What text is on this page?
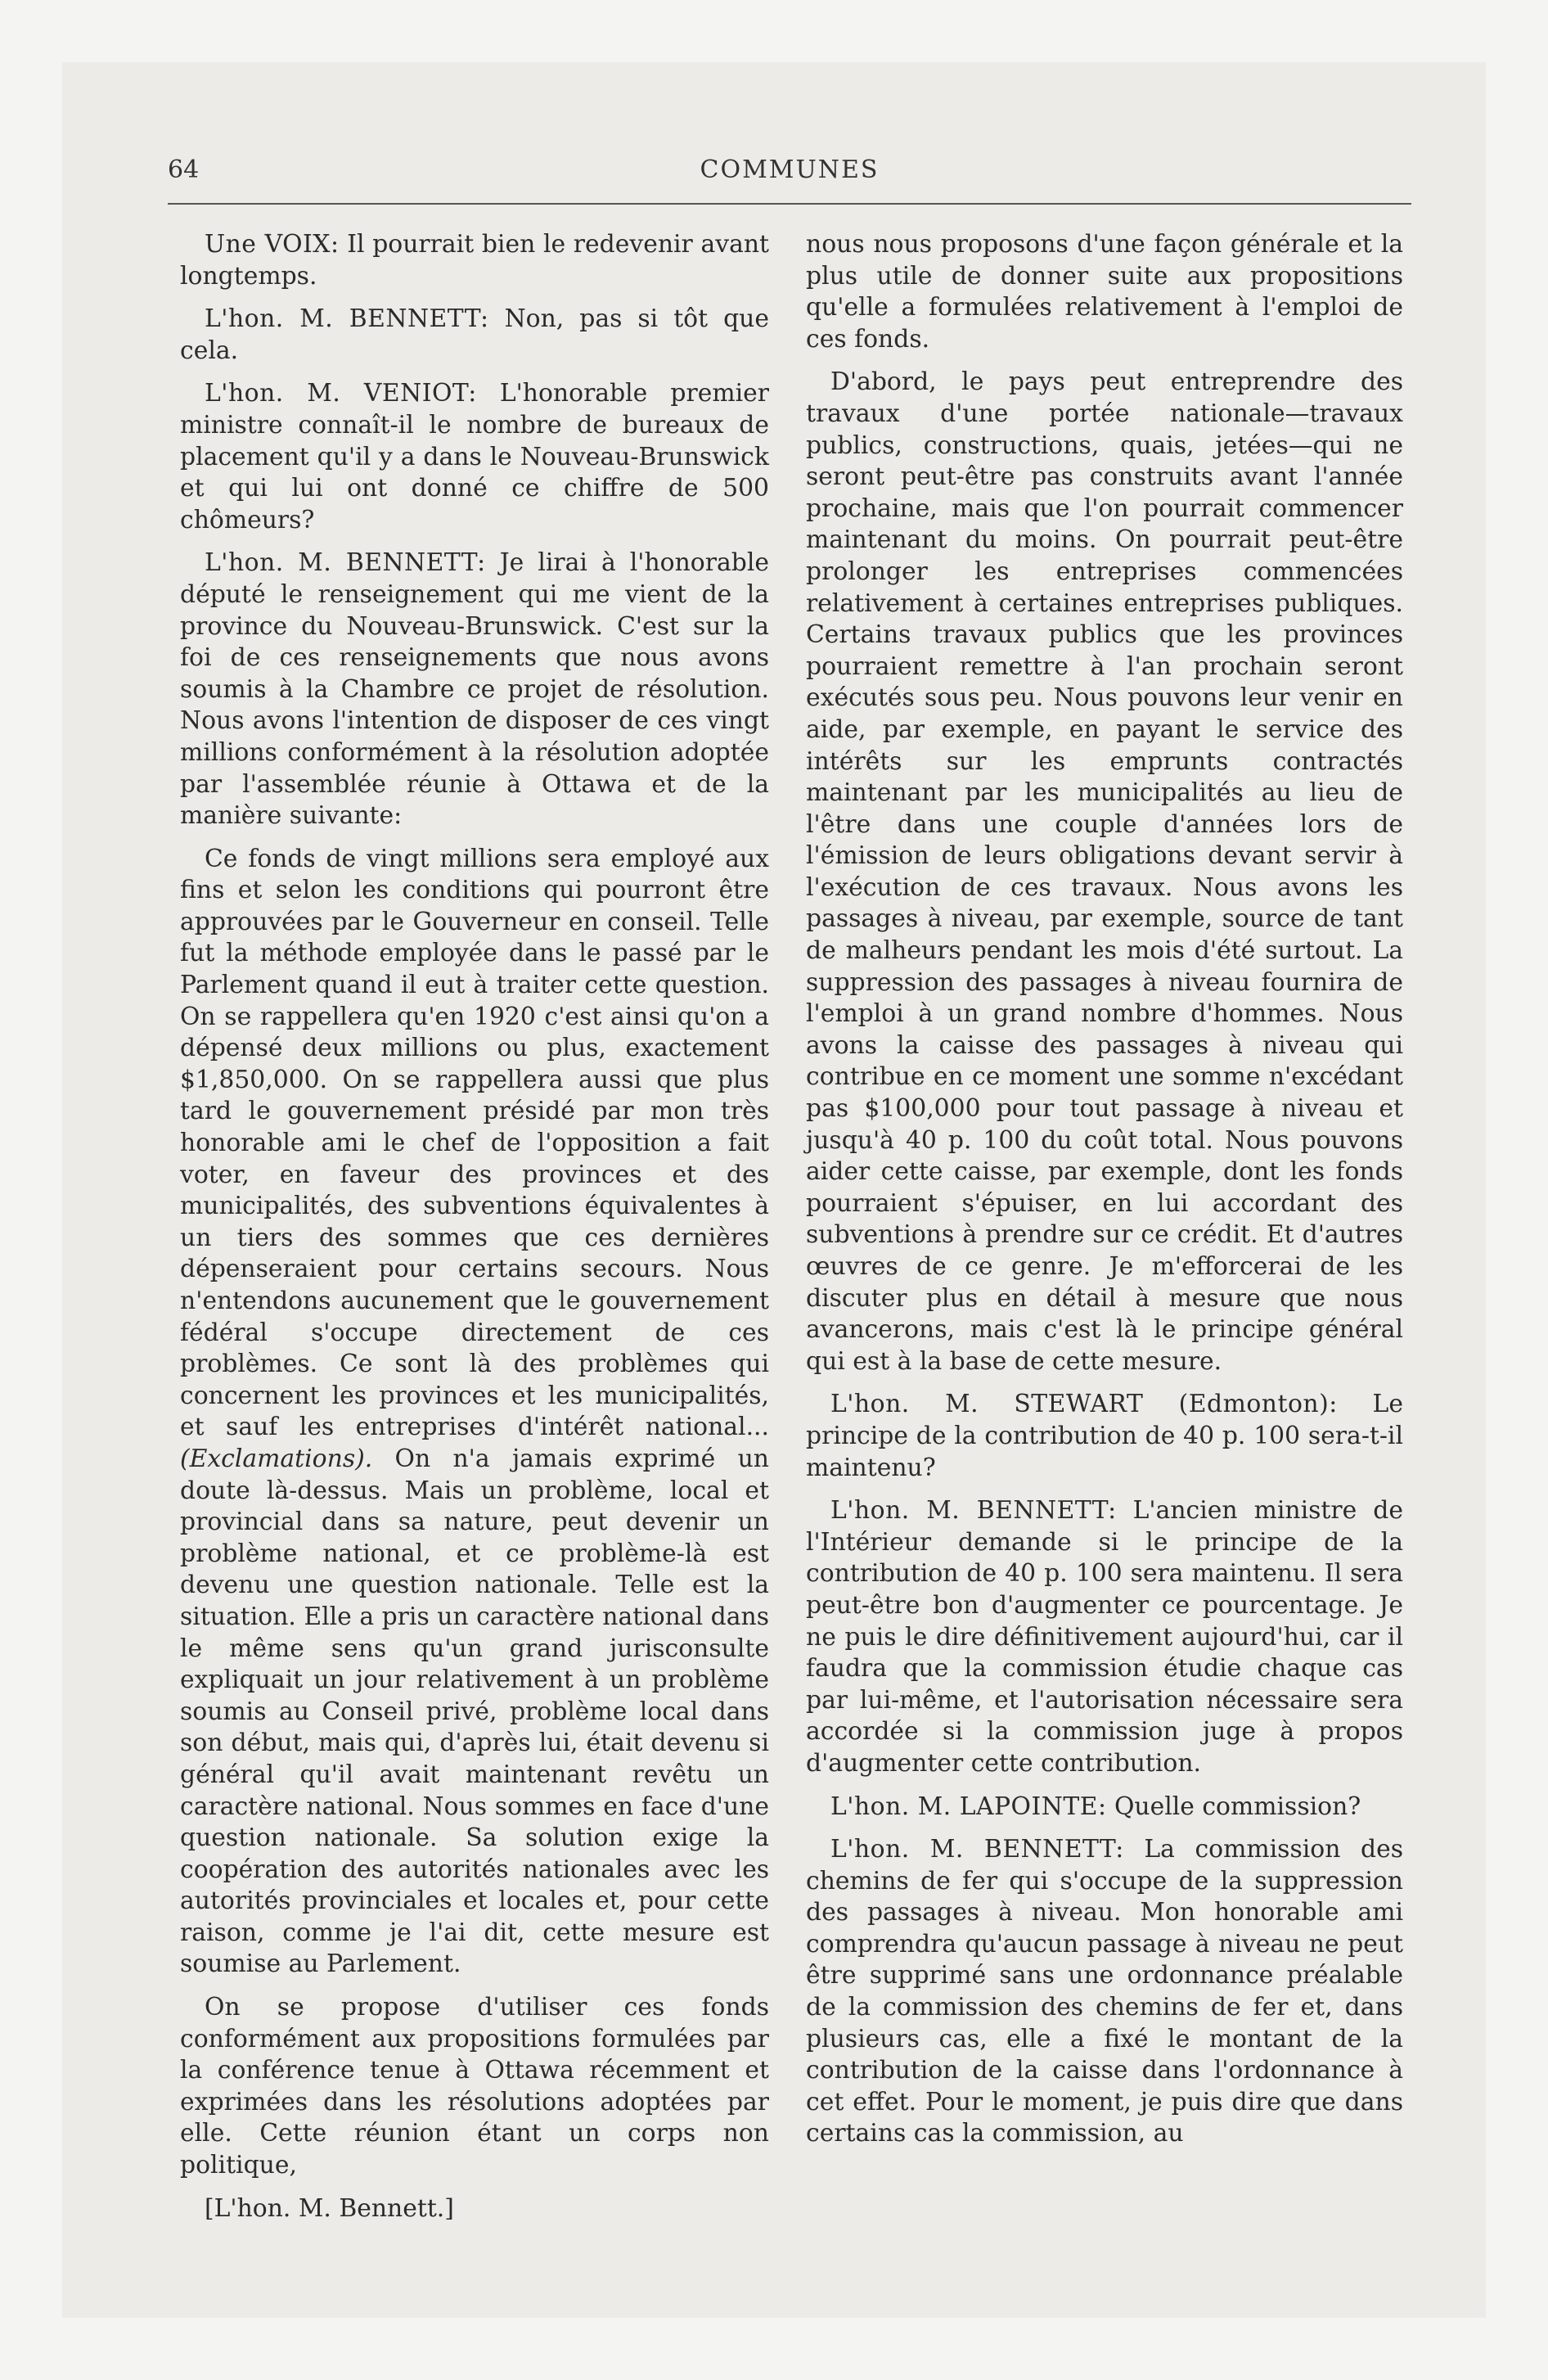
64	COMMUNES

Une VOIX: Il pourrait bien le redevenir avant longtemps.

L'hon. M. BENNETT: Non, pas si tôt que cela.

L'hon. M. VENIOT: L'honorable premier ministre connaît-il le nombre de bureaux de placement qu'il y a dans le Nouveau-Brunswick et qui lui ont donné ce chiffre de 500 chômeurs?

L'hon. M. BENNETT: Je lirai à l'honorable député le renseignement qui me vient de la province du Nouveau-Brunswick. C'est sur la foi de ces renseignements que nous avons soumis à la Chambre ce projet de résolution. Nous avons l'intention de disposer de ces vingt millions conformément à la résolution adoptée par l'assemblée réunie à Ottawa et de la manière suivante:

Ce fonds de vingt millions sera employé aux fins et selon les conditions qui pourront être approuvées par le Gouverneur en conseil. Telle fut la méthode employée dans le passé par le Parlement quand il eut à traiter cette question. On se rappellera qu'en 1920 c'est ainsi qu'on a dépensé deux millions ou plus, exactement $1,850,000. On se rappellera aussi que plus tard le gouvernement présidé par mon très honorable ami le chef de l'opposition a fait voter, en faveur des provinces et des municipalités, des subventions équivalentes à un tiers des sommes que ces dernières dépenseraient pour certains secours. Nous n'entendons aucunement que le gouvernement fédéral s'occupe directement de ces problèmes. Ce sont là des problèmes qui concernent les provinces et les municipalités, et sauf les entreprises d'intérêt national... (Exclamations). On n'a jamais exprimé un doute là-dessus. Mais un problème, local et provincial dans sa nature, peut devenir un problème national, et ce problème-là est devenu une question nationale. Telle est la situation. Elle a pris un caractère national dans le même sens qu'un grand jurisconsulte expliquait un jour relativement à un problème soumis au Conseil privé, problème local dans son début, mais qui, d'après lui, était devenu si général qu'il avait maintenant revêtu un caractère national. Nous sommes en face d'une question nationale. Sa solution exige la coopération des autorités nationales avec les autorités provinciales et locales et, pour cette raison, comme je l'ai dit, cette mesure est soumise au Parlement.

On se propose d'utiliser ces fonds conformément aux propositions formulées par la conférence tenue à Ottawa récemment et exprimées dans les résolutions adoptées par elle. Cette réunion étant un corps non politique,

[L'hon. M. Bennett.]

nous nous proposons d'une façon générale et la plus utile de donner suite aux propositions qu'elle a formulées relativement à l'emploi de ces fonds.

D'abord, le pays peut entreprendre des travaux d'une portée nationale—travaux publics, constructions, quais, jetées—qui ne seront peut-être pas construits avant l'année prochaine, mais que l'on pourrait commencer maintenant du moins. On pourrait peut-être prolonger les entreprises commencées relativement à certaines entreprises publiques. Certains travaux publics que les provinces pourraient remettre à l'an prochain seront exécutés sous peu. Nous pouvons leur venir en aide, par exemple, en payant le service des intérêts sur les emprunts contractés maintenant par les municipalités au lieu de l'être dans une couple d'années lors de l'émission de leurs obligations devant servir à l'exécution de ces travaux. Nous avons les passages à niveau, par exemple, source de tant de malheurs pendant les mois d'été surtout. La suppression des passages à niveau fournira de l'emploi à un grand nombre d'hommes. Nous avons la caisse des passages à niveau qui contribue en ce moment une somme n'excédant pas $100,000 pour tout passage à niveau et jusqu'à 40 p. 100 du coût total. Nous pouvons aider cette caisse, par exemple, dont les fonds pourraient s'épuiser, en lui accordant des subventions à prendre sur ce crédit. Et d'autres œuvres de ce genre. Je m'efforcerai de les discuter plus en détail à mesure que nous avancerons, mais c'est là le principe général qui est à la base de cette mesure.

L'hon. M. STEWART (Edmonton): Le principe de la contribution de 40 p. 100 sera-t-il maintenu?

L'hon. M. BENNETT: L'ancien ministre de l'Intérieur demande si le principe de la contribution de 40 p. 100 sera maintenu. Il sera peut-être bon d'augmenter ce pourcentage. Je ne puis le dire définitivement aujourd'hui, car il faudra que la commission étudie chaque cas par lui-même, et l'autorisation nécessaire sera accordée si la commission juge à propos d'augmenter cette contribution.

L'hon. M. LAPOINTE: Quelle commission?

L'hon. M. BENNETT: La commission des chemins de fer qui s'occupe de la suppression des passages à niveau. Mon honorable ami comprendra qu'aucun passage à niveau ne peut être supprimé sans une ordonnance préalable de la commission des chemins de fer et, dans plusieurs cas, elle a fixé le montant de la contribution de la caisse dans l'ordonnance à cet effet. Pour le moment, je puis dire que dans certains cas la commission, au
